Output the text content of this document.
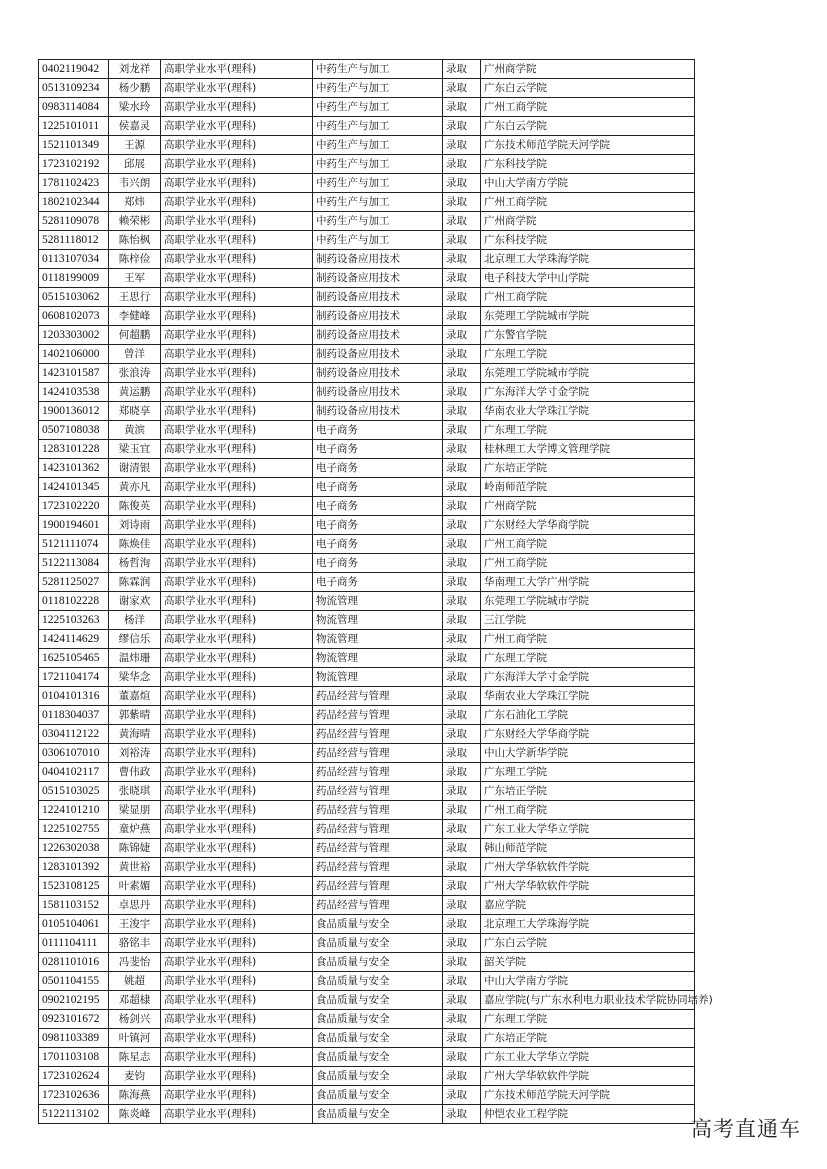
0402119042	刘龙祥	高职学业水平(理科)	中药生产与加工	录取	广州商学院
0513109234	杨少鹏	高职学业水平(理科)	中药生产与加工	录取	广东白云学院
0983114084	梁水玲	高职学业水平(理科)	中药生产与加工	录取	广州工商学院
1225101011	侯嘉灵	高职学业水平(理科)	中药生产与加工	录取	广东白云学院
1521101349	王源	高职学业水平(理科)	中药生产与加工	录取	广东技术师范学院天河学院
1723102192	邱展	高职学业水平(理科)	中药生产与加工	录取	广东科技学院
1781102423	韦兴朗	高职学业水平(理科)	中药生产与加工	录取	中山大学南方学院
1802102344	郑炜	高职学业水平(理科)	中药生产与加工	录取	广州工商学院
5281109078	赖荣彬	高职学业水平(理科)	中药生产与加工	录取	广州商学院
5281118012	陈怡枫	高职学业水平(理科)	中药生产与加工	录取	广东科技学院
0113107034	陈梓俭	高职学业水平(理科)	制药设备应用技术	录取	北京理工大学珠海学院
0118199009	王军	高职学业水平(理科)	制药设备应用技术	录取	电子科技大学中山学院
0515103062	王思行	高职学业水平(理科)	制药设备应用技术	录取	广州工商学院
0608102073	李健峰	高职学业水平(理科)	制药设备应用技术	录取	东莞理工学院城市学院
1203303002	何超鹏	高职学业水平(理科)	制药设备应用技术	录取	广东警官学院
1402106000	曾洋	高职学业水平(理科)	制药设备应用技术	录取	广东理工学院
1423101587	张浪涛	高职学业水平(理科)	制药设备应用技术	录取	东莞理工学院城市学院
1424103538	黄运鹏	高职学业水平(理科)	制药设备应用技术	录取	广东海洋大学寸金学院
1900136012	郑晓享	高职学业水平(理科)	制药设备应用技术	录取	华南农业大学珠江学院
0507108038	黄滨	高职学业水平(理科)	电子商务	录取	广东理工学院
1283101228	梁玉宜	高职学业水平(理科)	电子商务	录取	桂林理工大学博文管理学院
1423101362	谢清银	高职学业水平(理科)	电子商务	录取	广东培正学院
1424101345	黄亦凡	高职学业水平(理科)	电子商务	录取	岭南师范学院
1723102220	陈俊英	高职学业水平(理科)	电子商务	录取	广州商学院
1900194601	刘诗雨	高职学业水平(理科)	电子商务	录取	广东财经大学华商学院
5121111074	陈焕佳	高职学业水平(理科)	电子商务	录取	广州工商学院
5122113084	杨哲洵	高职学业水平(理科)	电子商务	录取	广州工商学院
5281125027	陈霖润	高职学业水平(理科)	电子商务	录取	华南理工大学广州学院
0118102228	谢家欢	高职学业水平(理科)	物流管理	录取	东莞理工学院城市学院
1225103263	杨洋	高职学业水平(理科)	物流管理	录取	三江学院
1424114629	缪信乐	高职学业水平(理科)	物流管理	录取	广州工商学院
1625105465	温炜珊	高职学业水平(理科)	物流管理	录取	广东理工学院
1721104174	梁华念	高职学业水平(理科)	物流管理	录取	广东海洋大学寸金学院
0104101316	董嘉煊	高职学业水平(理科)	药品经营与管理	录取	华南农业大学珠江学院
0118304037	郭紫晴	高职学业水平(理科)	药品经营与管理	录取	广东石油化工学院
0304112122	黄海晴	高职学业水平(理科)	药品经营与管理	录取	广东财经大学华商学院
0306107010	刘裕涛	高职学业水平(理科)	药品经营与管理	录取	中山大学新华学院
0404102117	曹伟政	高职学业水平(理科)	药品经营与管理	录取	广东理工学院
0515103025	张晓琪	高职学业水平(理科)	药品经营与管理	录取	广东培正学院
1224101210	梁显朋	高职学业水平(理科)	药品经营与管理	录取	广州工商学院
1225102755	童炉燕	高职学业水平(理科)	药品经营与管理	录取	广东工业大学华立学院
1226302038	陈锦婕	高职学业水平(理科)	药品经营与管理	录取	韩山师范学院
1283101392	黄世裕	高职学业水平(理科)	药品经营与管理	录取	广州大学华软软件学院
1523108125	叶素媚	高职学业水平(理科)	药品经营与管理	录取	广州大学华软软件学院
1581103152	卓思丹	高职学业水平(理科)	药品经营与管理	录取	嘉应学院
0105104061	王浚宇	高职学业水平(理科)	食品质量与安全	录取	北京理工大学珠海学院
0111104111	骆铭丰	高职学业水平(理科)	食品质量与安全	录取	广东白云学院
0281101016	冯斐怡	高职学业水平(理科)	食品质量与安全	录取	韶关学院
0501104155	姚超	高职学业水平(理科)	食品质量与安全	录取	中山大学南方学院
0902102195	邓超棣	高职学业水平(理科)	食品质量与安全	录取	嘉应学院(与广东水利电力职业技术学院协同培养)
0923101672	杨剑兴	高职学业水平(理科)	食品质量与安全	录取	广东理工学院
0981103389	叶镇河	高职学业水平(理科)	食品质量与安全	录取	广东培正学院
1701103108	陈星志	高职学业水平(理科)	食品质量与安全	录取	广东工业大学华立学院
1723102624	麦钧	高职学业水平(理科)	食品质量与安全	录取	广州大学华软软件学院
1723102636	陈海燕	高职学业水平(理科)	食品质量与安全	录取	广东技术师范学院天河学院
5122113102	陈炎峰	高职学业水平(理科)	食品质量与安全	录取	仲恺农业工程学院
高考直通车
